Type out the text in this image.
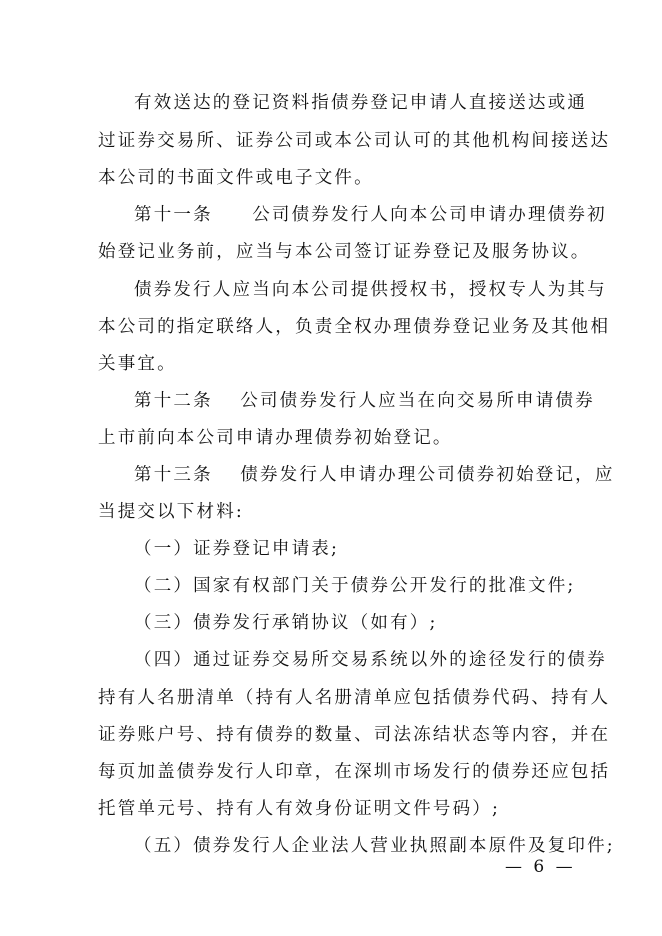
有效送达的登记资料指债券登记申请人直接送达或通
过证券交易所、证券公司或本公司认可的其他机构间接送达
本公司的书面文件或电子文件。
第十一条　　公司债券发行人向本公司申请办理债券初
始登记业务前，应当与本公司签订证券登记及服务协议。
债券发行人应当向本公司提供授权书，授权专人为其与
本公司的指定联络人，负责全权办理债券登记业务及其他相
关事宜。
第十二条　 公司债券发行人应当在向交易所申请债券
上市前向本公司申请办理债券初始登记。
第十三条　 债券发行人申请办理公司债券初始登记，应
当提交以下材料:
（一）证券登记申请表;
（二）国家有权部门关于债券公开发行的批准文件;
（三）债券发行承销协议（如有）;
（四）通过证券交易所交易系统以外的途径发行的债券
持有人名册清单（持有人名册清单应包括债券代码、持有人
证券账户号、持有债券的数量、司法冻结状态等内容，并在
每页加盖债券发行人印章，在深圳市场发行的债券还应包括
托管单元号、持有人有效身份证明文件号码）;
（五）债券发行人企业法人营业执照副本原件及复印件;
— 6 —
